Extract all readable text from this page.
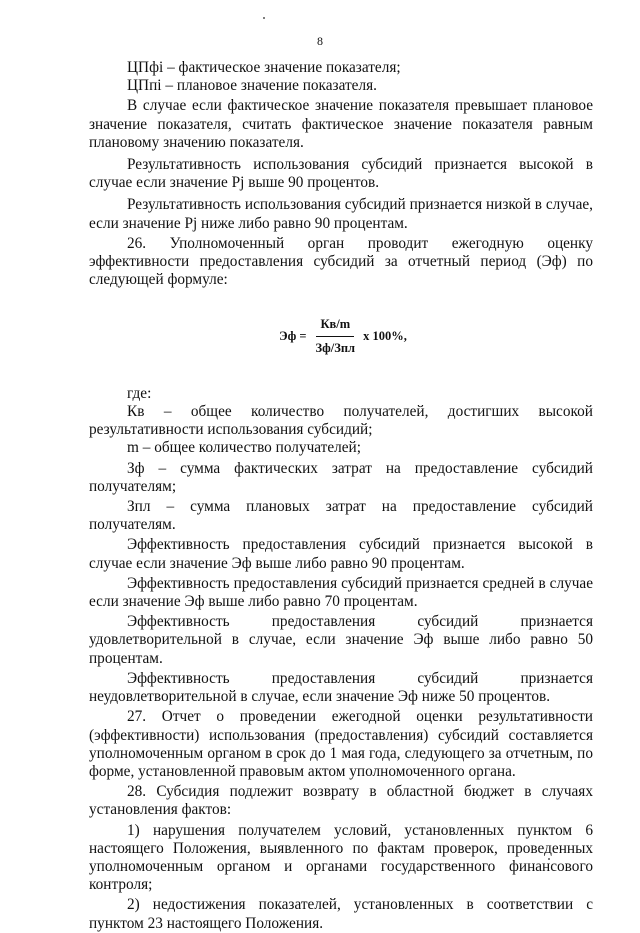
8

ЦПфi – фактическое значение показателя;

ЦПпi – плановое значение показателя.

В случае если фактическое значение показателя превышает плановое значение показателя, считать фактическое значение показателя равным плановому значению показателя.

Результативность использования субсидий признается высокой в случае если значение Рj выше 90 процентов.

Результативность использования субсидий признается низкой в случае, если значение Рj ниже либо равно 90 процентам.

26. Уполномоченный орган проводит ежегодную оценку эффективности предоставления субсидий за отчетный период (Эф) по следующей формуле:

Эф = $\frac{Кв/m}{\text{Зф/Зпл}}$ х 100%,

где:

Кв – общее количество получателей, достигших высокой результативности использования субсидий;

m – общее количество получателей;

Зф – сумма фактических затрат на предоставление субсидий получателям;

Зпл – сумма плановых затрат на предоставление субсидий получателям.

Эффективность предоставления субсидий признается высокой в случае если значение Эф выше либо равно 90 процентам.

Эффективность предоставления субсидий признается средней в случае если значение Эф выше либо равно 70 процентам.

Эффективность предоставления субсидий признается удовлетворительной в случае, если значение Эф выше либо равно 50 процентам.

Эффективность предоставления субсидий признается неудовлетворительной в случае, если значение Эф ниже 50 процентов.

27. Отчет о проведении ежегодной оценки результативности (эффективности) использования (предоставления) субсидий составляется уполномоченным органом в срок до 1 мая года, следующего за отчетным, по форме, установленной правовым актом уполномоченного органа.

28. Субсидия подлежит возврату в областной бюджет в случаях установления фактов:

1) нарушения получателем условий, установленных пунктом 6 настоящего Положения, выявленного по фактам проверок, проведенных уполномоченным органом и органами государственного финансового контроля;

2) недостижения показателей, установленных в соответствии с пунктом 23 настоящего Положения.
